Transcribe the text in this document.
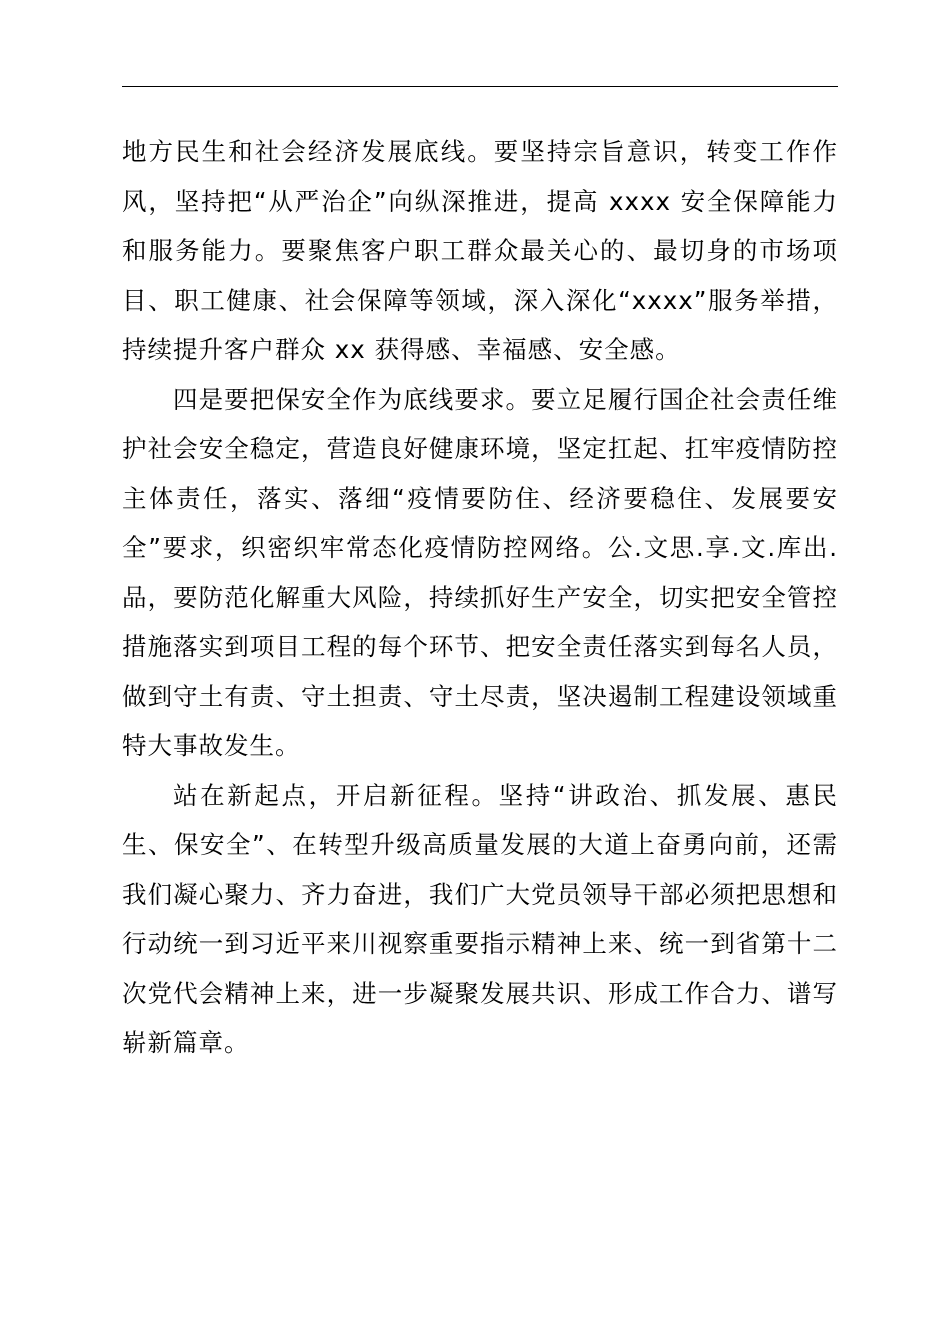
地方民生和社会经济发展底线。要坚持宗旨意识，转变工作作风，坚持把“从严治企”向纵深推进，提高 xxxx 安全保障能力和服务能力。要聚焦客户职工群众最关心的、最切身的市场项目、职工健康、社会保障等领域，深入深化“xxxx”服务举措，持续提升客户群众 xx 获得感、幸福感、安全感。

四是要把保安全作为底线要求。要立足履行国企社会责任维护社会安全稳定，营造良好健康环境，坚定扛起、扛牢疫情防控主体责任，落实、落细“疫情要防住、经济要稳住、发展要安全”要求，织密织牢常态化疫情防控网络。公.文思.享.文.库出.品，要防范化解重大风险，持续抓好生产安全，切实把安全管控措施落实到项目工程的每个环节、把安全责任落实到每名人员，做到守土有责、守土担责、守土尽责，坚决遏制工程建设领域重特大事故发生。

站在新起点，开启新征程。坚持“讲政治、抓发展、惠民生、保安全”、在转型升级高质量发展的大道上奋勇向前，还需我们凝心聚力、齐力奋进，我们广大党员领导干部必须把思想和行动统一到习近平来川视察重要指示精神上来、统一到省第十二次党代会精神上来，进一步凝聚发展共识、形成工作合力、谱写崭新篇章。
